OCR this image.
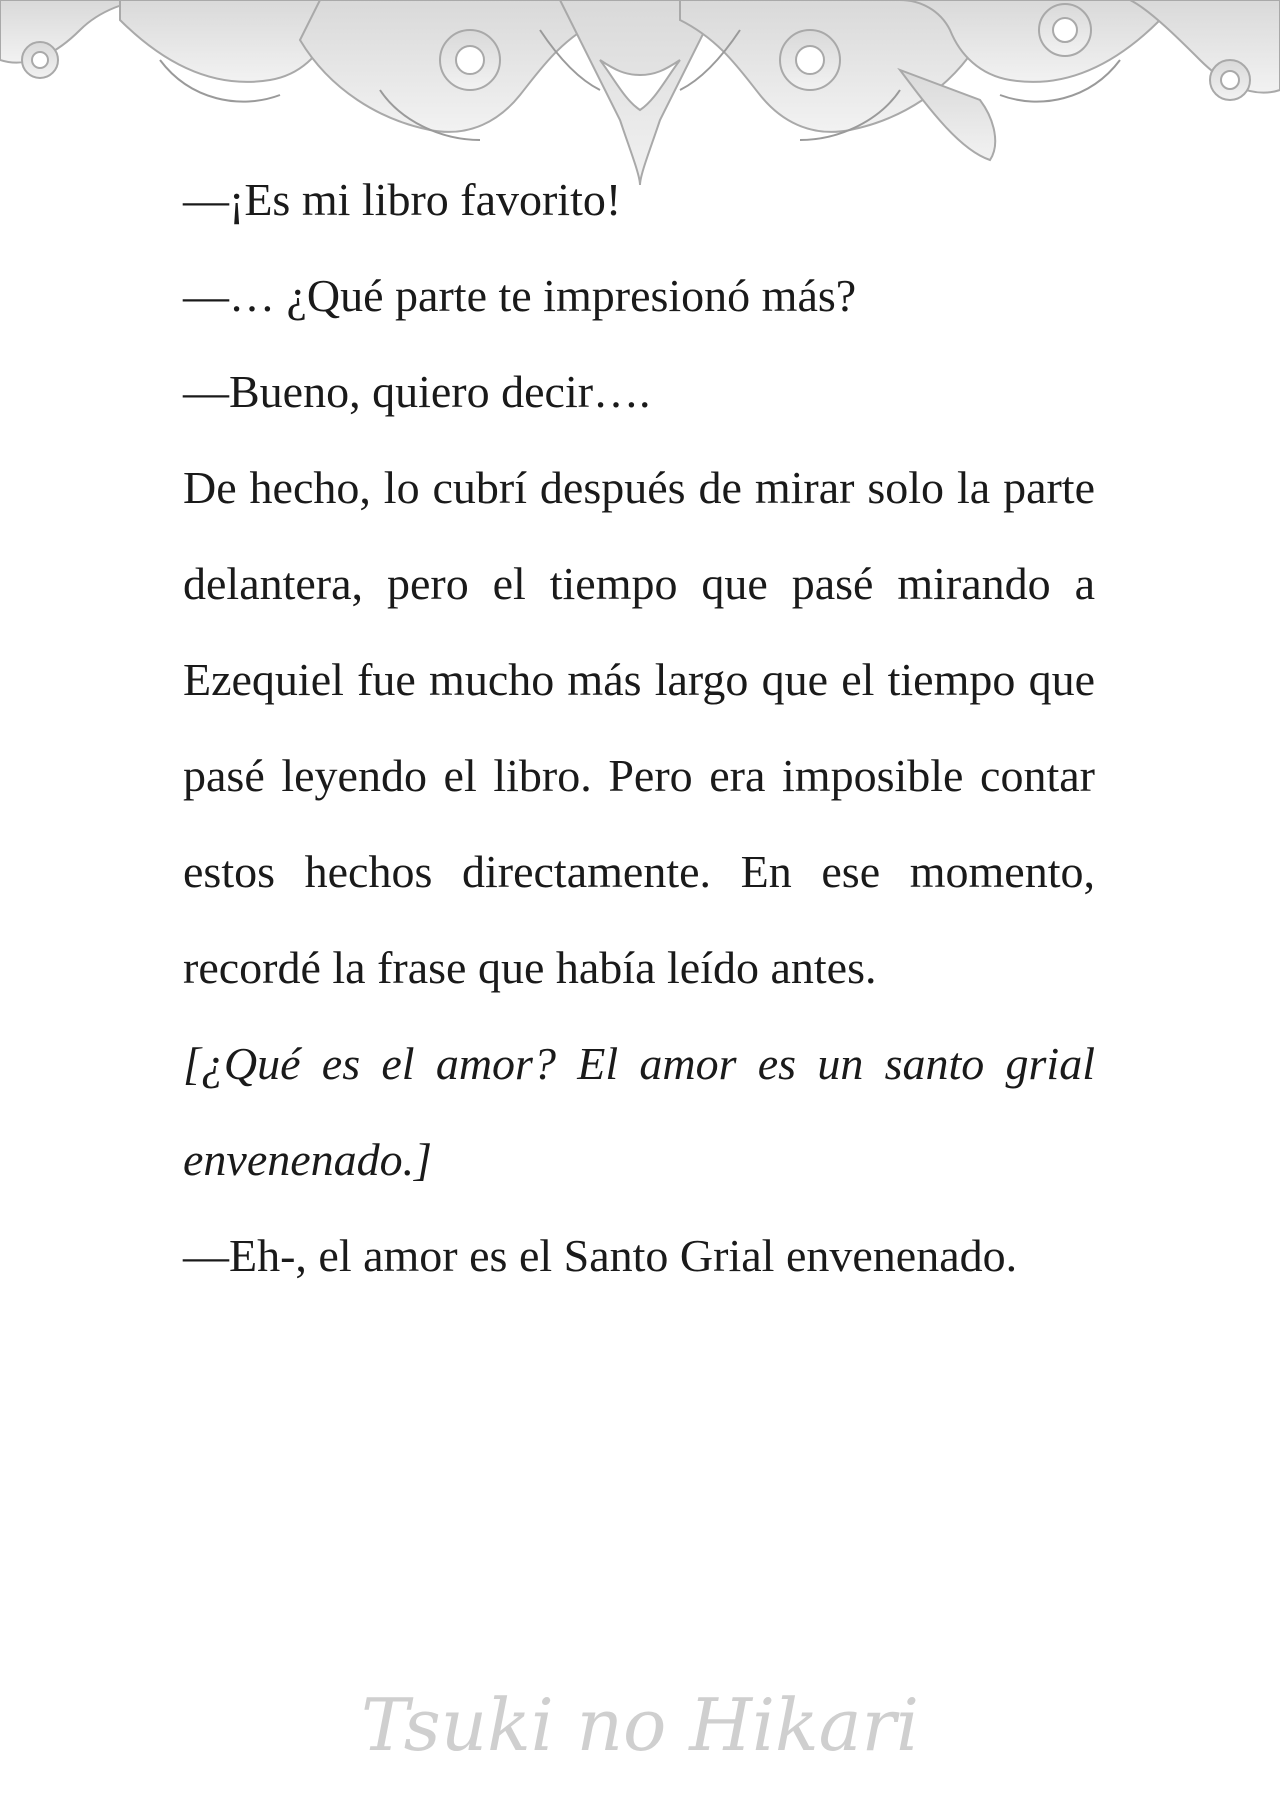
—¡Es mi libro favorito!

—… ¿Qué parte te impresionó más?

—Bueno, quiero decir….

De hecho, lo cubrí después de mirar solo la parte delantera, pero el tiempo que pasé mirando a Ezequiel fue mucho más largo que el tiempo que pasé leyendo el libro. Pero era imposible contar estos hechos directamente. En ese momento, recordé la frase que había leído antes.

[¿Qué es el amor? El amor es un santo grial envenenado.]

—Eh-, el amor es el Santo Grial envenenado.

Tsuki no Hikari
